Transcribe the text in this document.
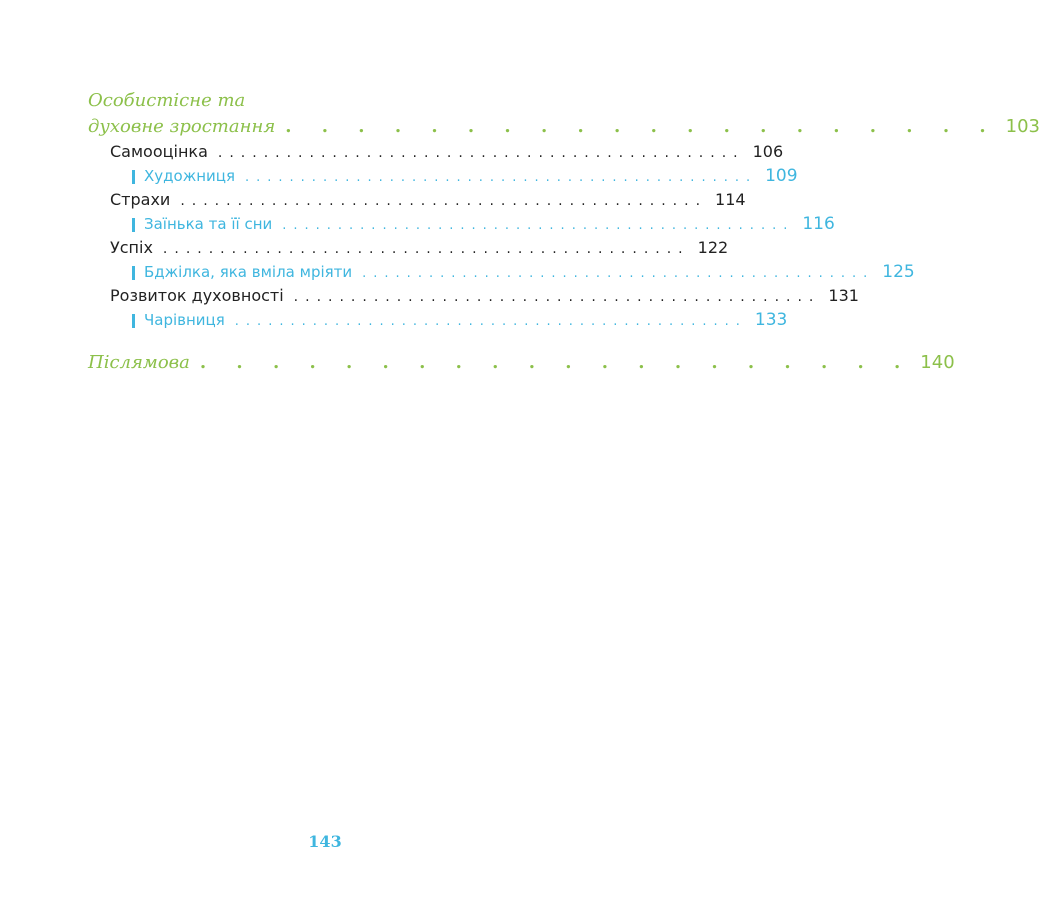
Особистісне та
духовне зростання . . . . . . . . . . . . . . . . . . . . 103
Самооцінка .............................................. 106
Художниця .............................................. 109
Страхи .............................................. 114
Заїнька та її сни .............................................. 116
Успіх .............................................. 122
Бджілка, яка вміла мріяти .............................................. 125
Розвиток духовності .............................................. 131
Чарівниця .............................................. 133
Післямова . . . . . . . . . . . . . . . . . . . . 140
143
